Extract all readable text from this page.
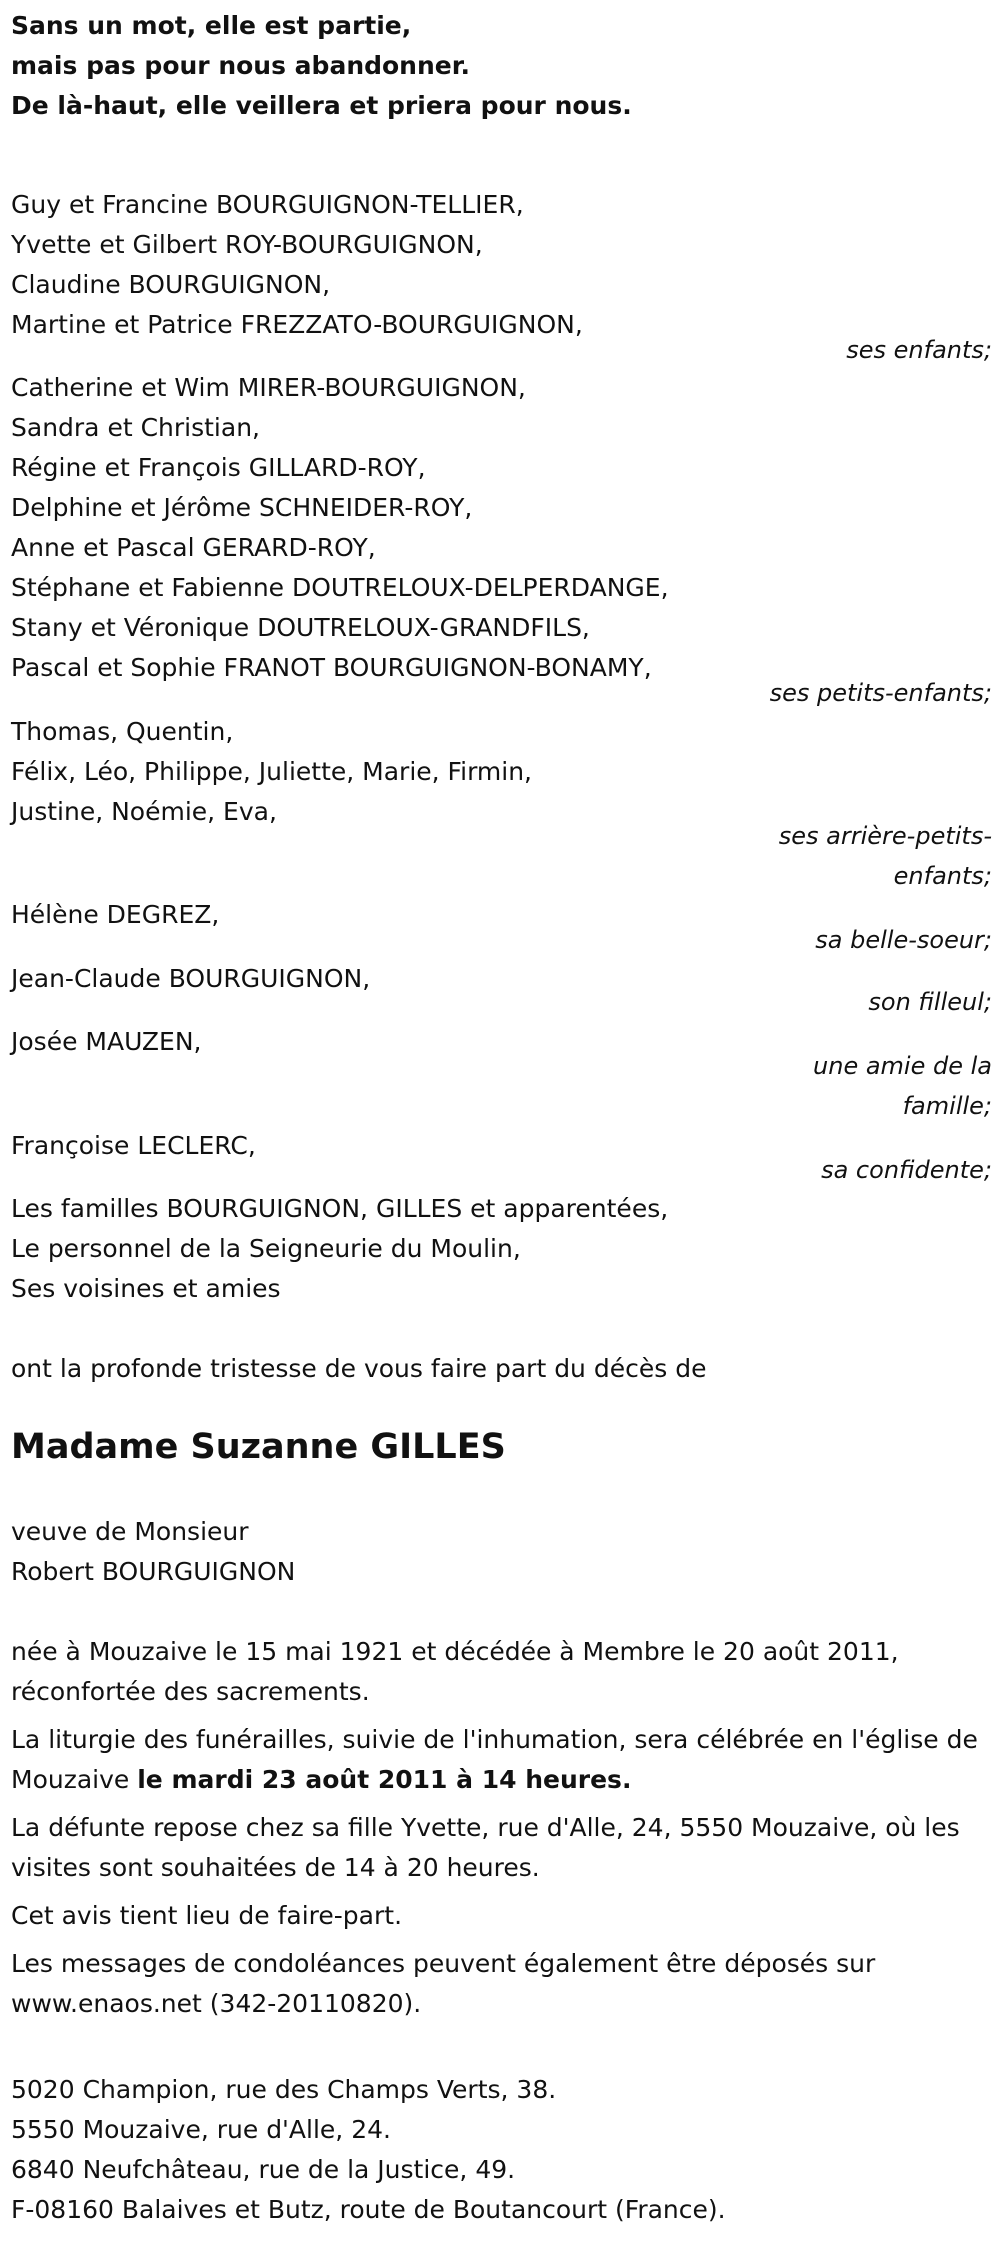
Sans un mot, elle est partie,
mais pas pour nous abandonner.
De là-haut, elle veillera et priera pour nous.
Guy et Francine BOURGUIGNON-TELLIER,
Yvette et Gilbert ROY-BOURGUIGNON,
Claudine BOURGUIGNON,
Martine et Patrice FREZZATO-BOURGUIGNON,
ses enfants;
Catherine et Wim MIRER-BOURGUIGNON,
Sandra et Christian,
Régine et François GILLARD-ROY,
Delphine et Jérôme SCHNEIDER-ROY,
Anne et Pascal GERARD-ROY,
Stéphane et Fabienne DOUTRELOUX-DELPERDANGE,
Stany et Véronique DOUTRELOUX-GRANDFILS,
Pascal et Sophie FRANOT BOURGUIGNON-BONAMY,
ses petits-enfants;
Thomas, Quentin,
Félix, Léo, Philippe, Juliette, Marie, Firmin,
Justine, Noémie, Eva,
ses arrière-petits-
enfants;
Hélène DEGREZ,
sa belle-soeur;
Jean-Claude BOURGUIGNON,
son filleul;
Josée MAUZEN,
une amie de la
famille;
Françoise LECLERC,
sa confidente;
Les familles BOURGUIGNON, GILLES et apparentées,
Le personnel de la Seigneurie du Moulin,
Ses voisines et amies
ont la profonde tristesse de vous faire part du décès de
Madame Suzanne GILLES
veuve de Monsieur
Robert BOURGUIGNON
née à Mouzaive le 15 mai 1921 et décédée à Membre le 20 août 2011, réconfortée des sacrements.
La liturgie des funérailles, suivie de l'inhumation, sera célébrée en l'église de Mouzaive le mardi 23 août 2011 à 14 heures.
La défunte repose chez sa fille Yvette, rue d'Alle, 24, 5550 Mouzaive, où les visites sont souhaitées de 14 à 20 heures.
Cet avis tient lieu de faire-part.
Les messages de condoléances peuvent également être déposés sur www.enaos.net (342-20110820).
5020 Champion, rue des Champs Verts, 38.
5550 Mouzaive, rue d'Alle, 24.
6840 Neufchâteau, rue de la Justice, 49.
F-08160 Balaives et Butz, route de Boutancourt (France).
